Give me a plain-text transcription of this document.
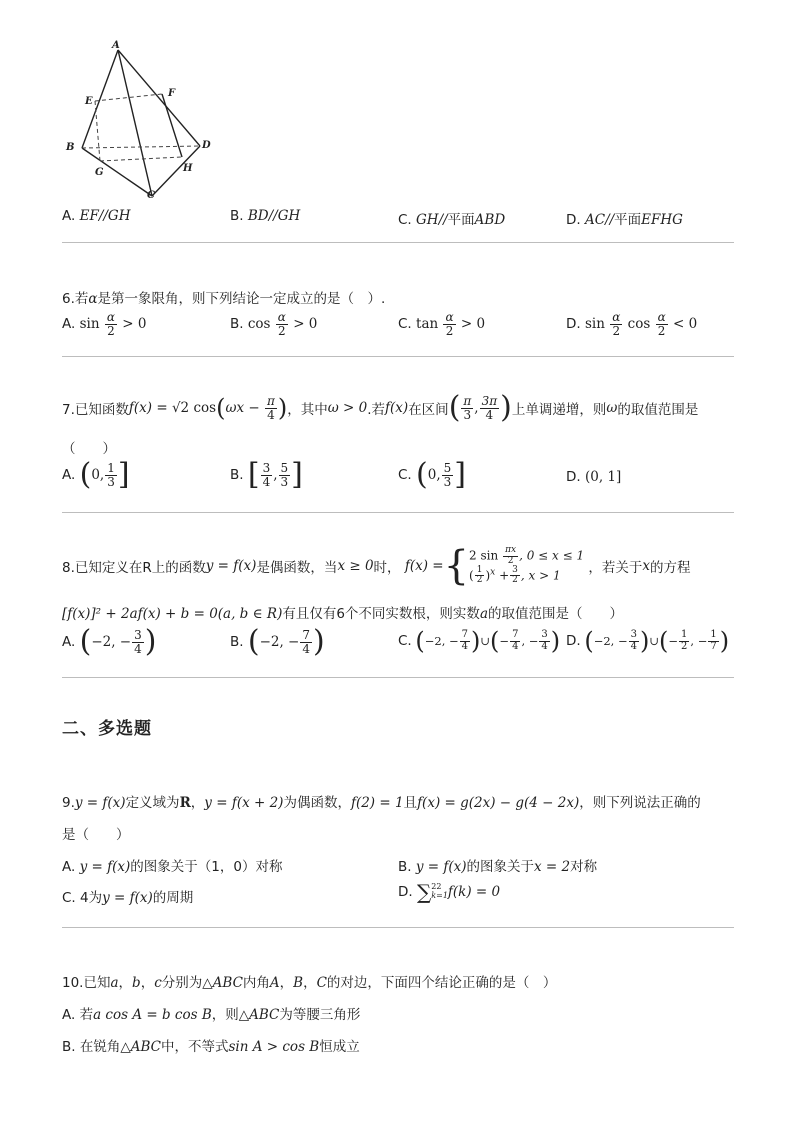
A
E
F
B	D
G	H
C
A. EF//GH	B. BD//GH	C. GH//平面ABD	D. AC//平面EFHG
6.若α是第一象限角，则下列结论一定成立的是（　）.
A. $\sin \frac{\alpha}{2} > 0$	B. $\cos \frac{\alpha}{2} > 0$	C. $\tan \frac{\alpha}{2} > 0$	D. $\sin \frac{\alpha}{2}$ $\cos \frac{\alpha}{2} < 0$
7.已知函数f(x) = √2 $\cos(\omega x - \frac{\pi}{4}$ )，其中ω > 0.若f(x)在区间( $\frac{\pi}{3}$ , $\frac{3\pi}{4}$ )上单调递增，则ω的取值范围是
（　　）
A. (0, $\frac{1}{3}$ ]	B. [ $\frac{3}{4}$ , $\frac{5}{3}$ ]	C. (0, $\frac{5}{3}$ ]	D. (0, 1]
8.已知定义在R上的函数y = f(x)是偶函数，当x ≥ 0时， f(x) ={2 $\sin \frac{\pi x}{2}$ , 0 ≤ x ≤ 1
( $\frac{1}{2} )^x + \frac{3}{2}$ , x > 1 ，若关于x的方程
[f(x)]² + 2af(x) + b = 0(a, b ∈ R)有且仅有6个不同实数根，则实数a的取值范围是（　　）
A. (−2, − $\frac{3}{4}$ )	B. (−2, − $\frac{7}{4}$ )	C. (−2, − $\frac{7}{4}$ )∪(− $\frac{7}{4}$ , − $\frac{3}{4}$ ) D. (−2, − $\frac{3}{4}$ )∪(− $\frac{1}{2}$ , − $\frac{1}{7}$ )
二、多选题
9.y = f(x)定义域为R，y = f(x + 2)为偶函数，f(2) = 1且f(x) = g(2x) − g(4 − 2x)，则下列说法正确的
是（　　）
A. y = f(x)的图象关于（1，0）对称	B. y = f(x)的图象关于x = 2对称
C. 4为y = f(x)的周期	D. ∑22
k=1f(k) = 0
10.已知a，b，c分别为△ABC内角A，B，C的对边，下面四个结论正确的是（　）
A. 若a cos A = b cos B，则△ABC为等腰三角形
B. 在锐角△ABC中，不等式sin A > cos B恒成立
